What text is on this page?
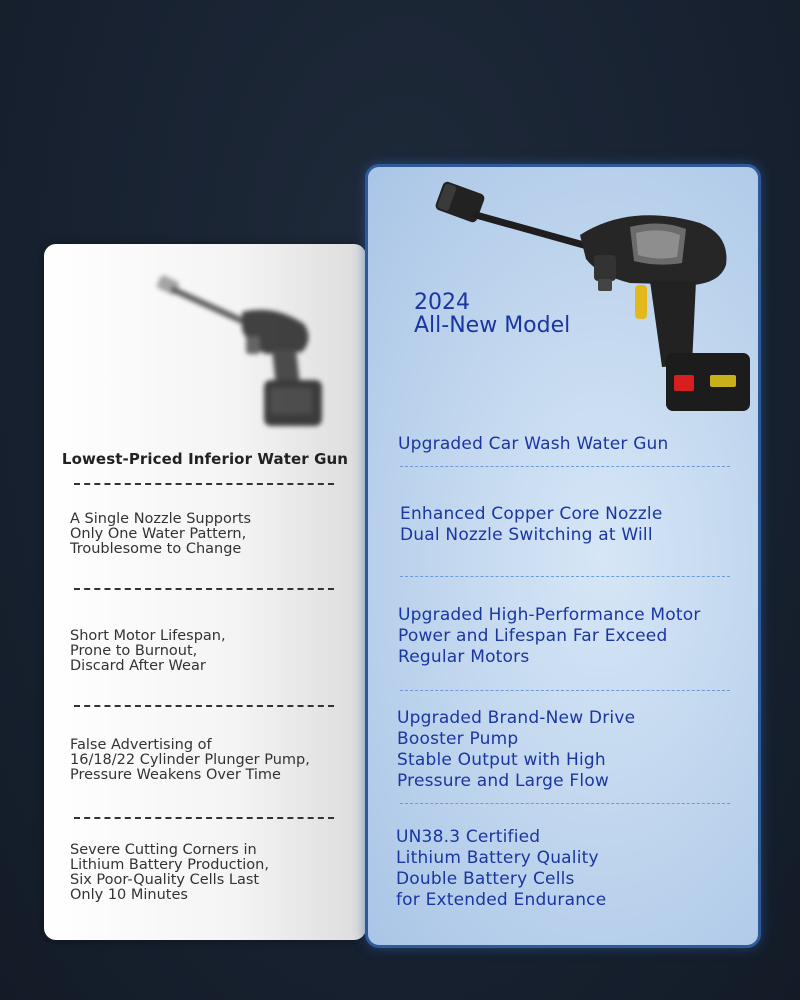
Lowest-Priced Inferior Water Gun
A Single Nozzle Supports
Only One Water Pattern,
Troublesome to Change
Short Motor Lifespan,
Prone to Burnout,
Discard After Wear
False Advertising of
16/18/22 Cylinder Plunger Pump,
Pressure Weakens Over Time
Severe Cutting Corners in
Lithium Battery Production,
Six Poor-Quality Cells Last
Only 10 Minutes
2024
All-New Model
Upgraded Car Wash Water Gun
Enhanced Copper Core Nozzle
Dual Nozzle Switching at Will
Upgraded High-Performance Motor
Power and Lifespan Far Exceed
Regular Motors
Upgraded Brand-New Drive
Booster Pump
Stable Output with High
Pressure and Large Flow
UN38.3 Certified
Lithium Battery Quality
Double Battery Cells
for Extended Endurance
